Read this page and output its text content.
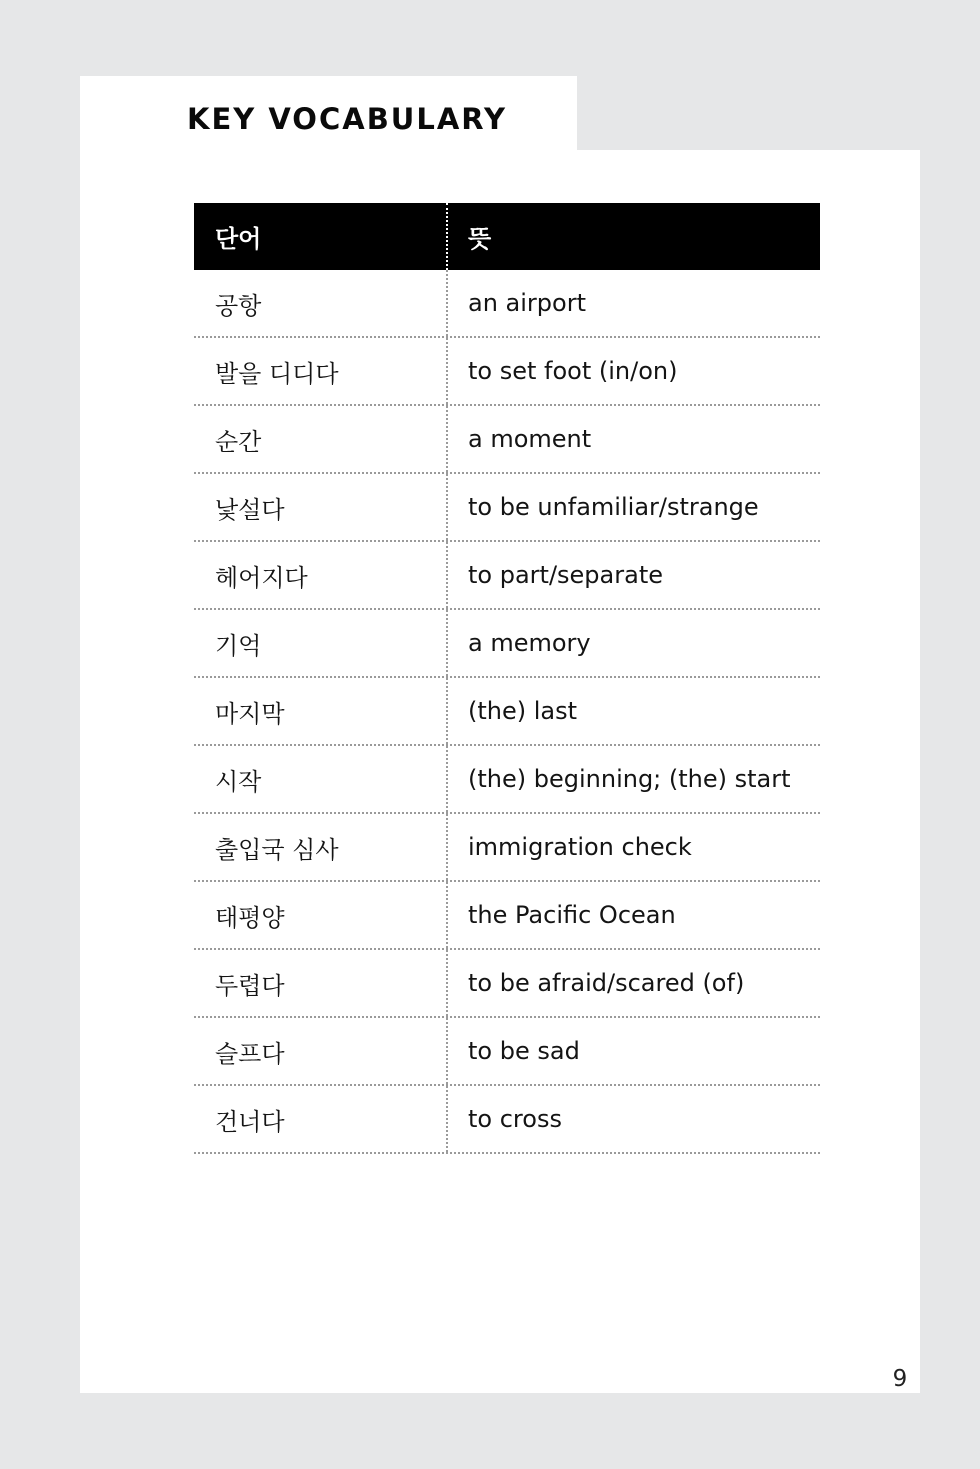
KEY VOCABULARY
단어	뜻
공항	an airport
발을 디디다	to set foot (in/on)
순간	a moment
낯설다	to be unfamiliar/strange
헤어지다	to part/separate
기억	a memory
마지막	(the) last
시작	(the) beginning; (the) start
출입국 심사	immigration check
태평양	the Pacific Ocean
두렵다	to be afraid/scared (of)
슬프다	to be sad
건너다	to cross
9
